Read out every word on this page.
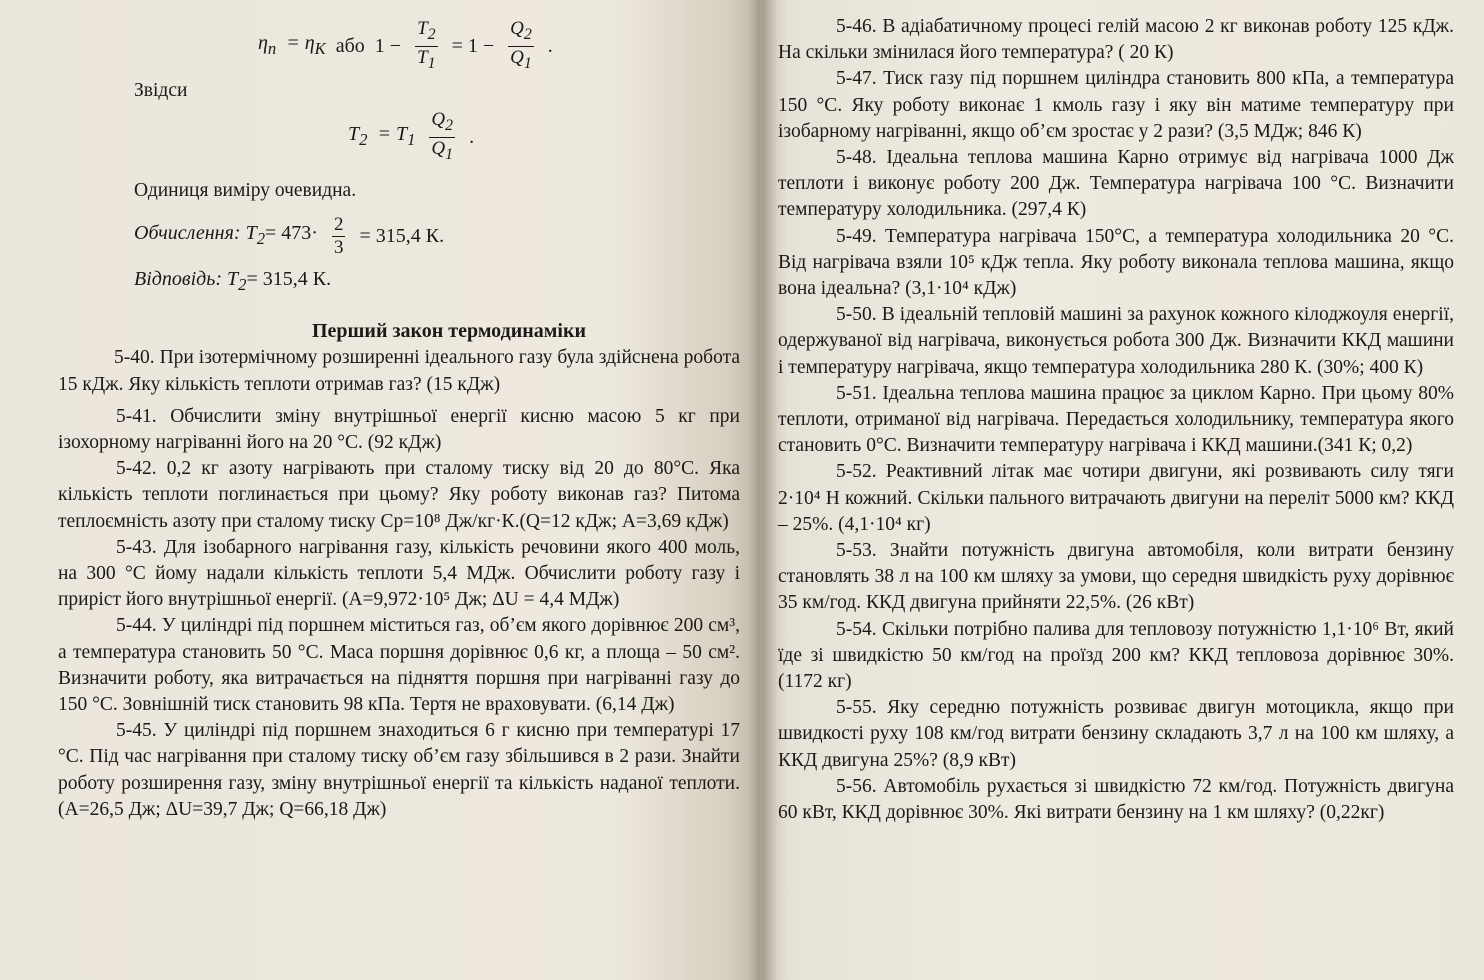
$\eta_п = \eta_К$ або $1 - \frac{T_2}{T_1} = 1 - \frac{Q_2}{Q_1}$ .

Звідси

$T_2 = T_1 \frac{Q_2}{Q_1}$ .

Одиниця виміру очевидна.

Обчислення: $T_2= 473\cdot \frac{2}{3} = 315,4$ К.
Відповідь: $T_2= 315,4$ К.
Перший закон термодинаміки

5-40. При ізотермічному розширенні ідеального газу була здійснена робота 15 кДж. Яку кількість теплоти отримав газ? (15 кДж)

5-41. Обчислити зміну внутрішньої енергії кисню масою 5 кг при ізохорному нагріванні його на 20 °С. (92 кДж)

5-42. 0,2 кг азоту нагрівають при сталому тиску від 20 до 80°С. Яка кількість теплоти поглинається при цьому? Яку роботу виконав газ? Питома теплоємність азоту при сталому тиску Cp=10⁸ Дж/кг·К.(Q=12 кДж; A=3,69 кДж)

5-43. Для ізобарного нагрівання газу, кількість речовини якого 400 моль, на 300 °С йому надали кількість теплоти 5,4 МДж. Обчислити роботу газу і приріст його внутрішньої енергії. (A=9,972·10⁵ Дж; ΔU = 4,4 МДж)

5-44. У циліндрі під поршнем міститься газ, об’єм якого дорівнює 200 см³, а температура становить 50 °С. Маса поршня дорівнює 0,6 кг, а площа – 50 см². Визначити роботу, яка витрачається на підняття поршня при нагріванні газу до 150 °С. Зовнішній тиск становить 98 кПа. Тертя не враховувати. (6,14 Дж)

5-45. У циліндрі під поршнем знаходиться 6 г кисню при температурі 17 °С. Під час нагрівання при сталому тиску об’єм газу збільшився в 2 рази. Знайти роботу розширення газу, зміну внутрішньої енергії та кількість наданої теплоти. (A=26,5 Дж; ΔU=39,7 Дж; Q=66,18 Дж)

5-46. В адіабатичному процесі гелій масою 2 кг виконав роботу 125 кДж. На скільки змінилася його температура? ( 20 К)

5-47. Тиск газу під поршнем циліндра становить 800 кПа, а температура 150 °С. Яку роботу виконає 1 кмоль газу і яку він матиме температуру при ізобарному нагріванні, якщо об’єм зростає у 2 рази? (3,5 МДж; 846 К)

5-48. Ідеальна теплова машина Карно отримує від нагрівача 1000 Дж теплоти і виконує роботу 200 Дж. Температура нагрівача 100 °С. Визначити температуру холодильника. (297,4 К)

5-49. Температура нагрівача 150°С, а температура холодильника 20 °С. Від нагрівача взяли 10⁵ кДж тепла. Яку роботу виконала теплова машина, якщо вона ідеальна? (3,1·10⁴ кДж)

5-50. В ідеальній тепловій машині за рахунок кожного кілоджоуля енергії, одержуваної від нагрівача, виконується робота 300 Дж. Визначити ККД машини і температуру нагрівача, якщо температура холодильника 280 К. (30%; 400 К)

5-51. Ідеальна теплова машина працює за циклом Карно. При цьому 80% теплоти, отриманої від нагрівача. Передається холодильнику, температура якого становить 0°С. Визначити температуру нагрівача і ККД машини.(341 К; 0,2)

5-52. Реактивний літак має чотири двигуни, які розвивають силу тяги 2·10⁴ Н кожний. Скільки пального витрачають двигуни на переліт 5000 км? ККД – 25%. (4,1·10⁴ кг)

5-53. Знайти потужність двигуна автомобіля, коли витрати бензину становлять 38 л на 100 км шляху за умови, що середня швидкість руху дорівнює 35 км/год. ККД двигуна прийняти 22,5%. (26 кВт)

5-54. Скільки потрібно палива для тепловозу потужністю 1,1·10⁶ Вт, який їде зі швидкістю 50 км/год на проїзд 200 км? ККД тепловоза дорівнює 30%. (1172 кг)

5-55. Яку середню потужність розвиває двигун мотоцикла, якщо при швидкості руху 108 км/год витрати бензину складають 3,7 л на 100 км шляху, а ККД двигуна 25%? (8,9 кВт)

5-56. Автомобіль рухається зі швидкістю 72 км/год. Потужність двигуна 60 кВт, ККД дорівнює 30%. Які витрати бензину на 1 км шляху? (0,22кг)
